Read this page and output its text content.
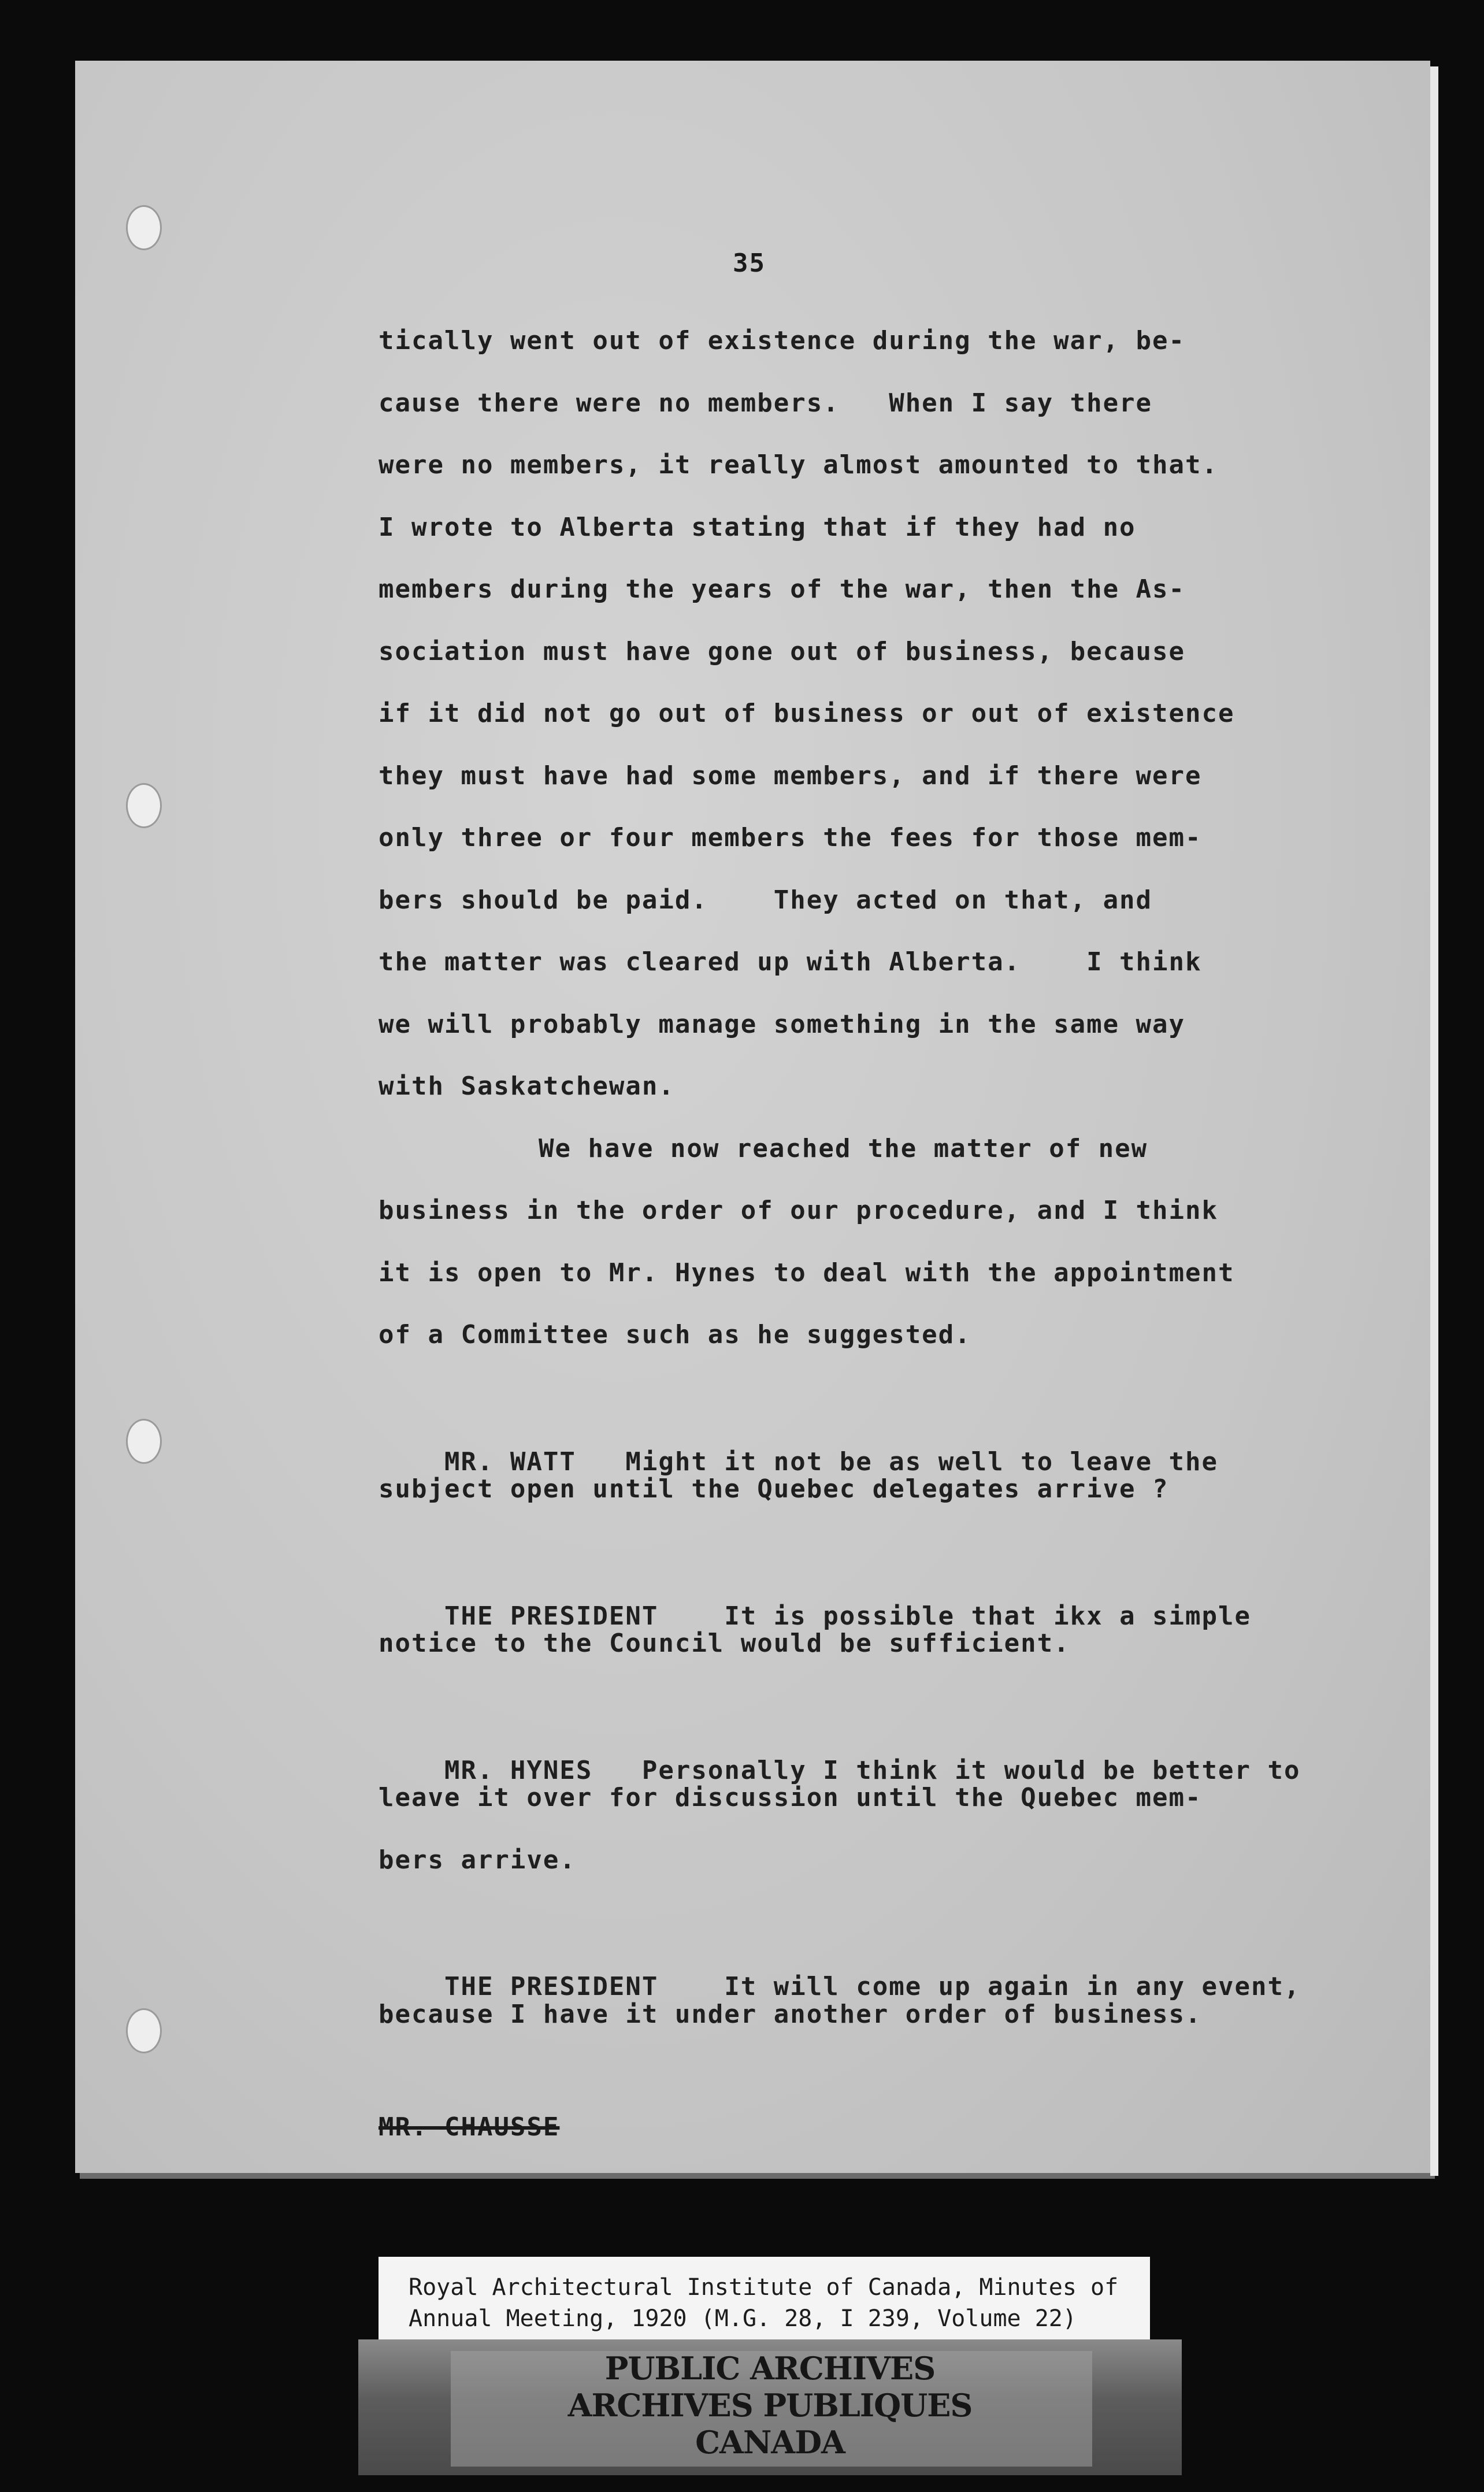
35
tically went out of existence during the war, be-
cause there were no members.   When I say there
were no members, it really almost amounted to that.
I wrote to Alberta stating that if they had no
members during the years of the war, then the As-
sociation must have gone out of business, because
if it did not go out of business or out of existence
they must have had some members, and if there were
only three or four members the fees for those mem-
bers should be paid.    They acted on that, and
the matter was cleared up with Alberta.    I think
we will probably manage something in the same way
with Saskatchewan.
We have now reached the matter of new
business in the order of our procedure, and I think
it is open to Mr. Hynes to deal with the appointment
of a Committee such as he suggested.

MR. WATT Might it not be as well to leave the

subject open until the Quebec delegates arrive ?

THE PRESIDENT	It is possible that ikx a simple

notice to the Council would be sufficient.

MR. HYNES Personally I think it would be better to

leave it over for discussion until the Quebec mem-
bers arrive.

THE PRESIDENT	It will come up again in any event,

because I have it under another order of business.
MR. CHAUSSE
Royal Architectural Institute of Canada, Minutes of
Annual Meeting, 1920 (M.G. 28, I 239, Volume 22)
PUBLIC ARCHIVES
ARCHIVES PUBLIQUES
CANADA
